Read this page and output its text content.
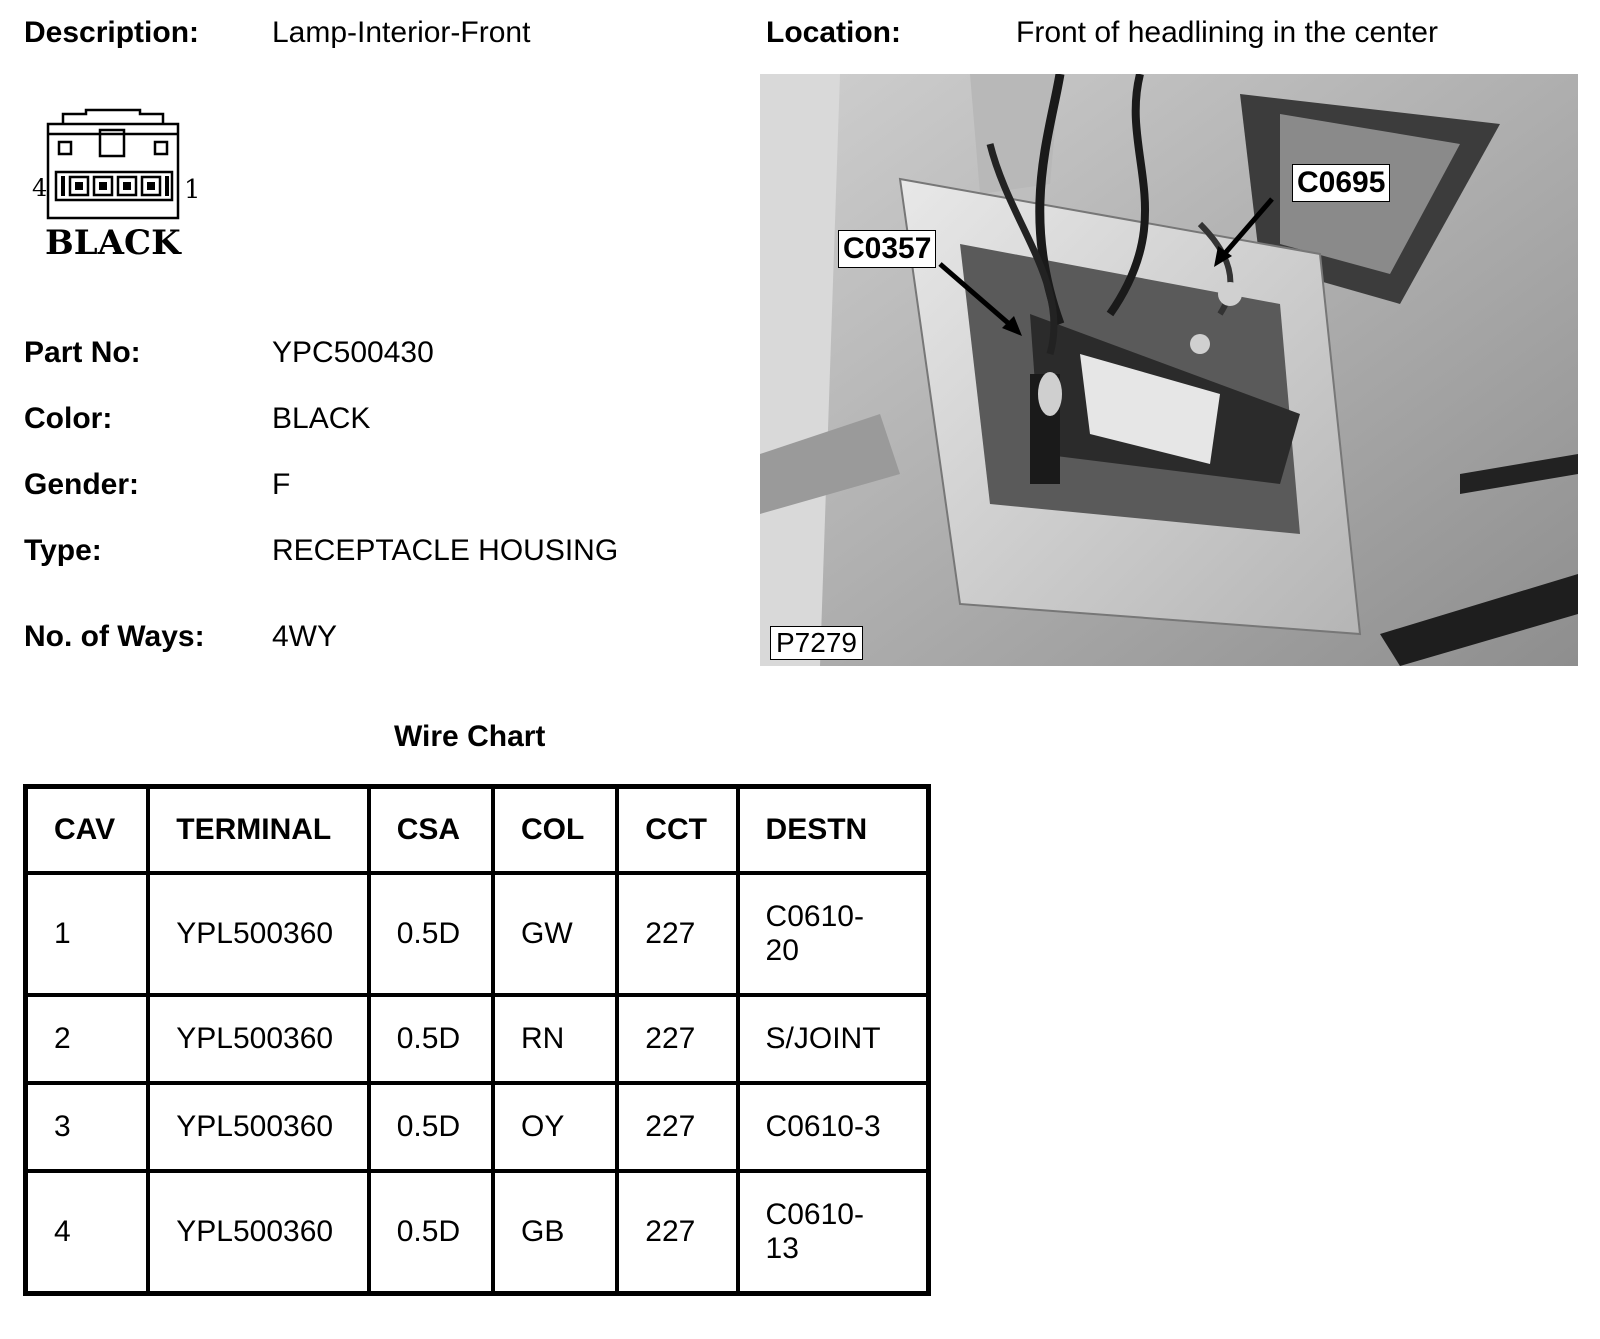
Description: Lamp-Interior-Front	Location:	Front of headlining in the center
4	1
BLACK
Part No:	YPC500430
Color:	BLACK
Gender:	F
Type:	RECEPTACLE HOUSING
No. of Ways: 4WY
C0357
C0695
P7279
Wire Chart
CAV	TERMINAL	CSA	COL	CCT	DESTN
1	YPL500360	0.5D	GW	227	C0610-
20
2	YPL500360	0.5D	RN	227	S/JOINT
3	YPL500360	0.5D	OY	227	C0610-3
4	YPL500360	0.5D	GB	227	C0610-
13
